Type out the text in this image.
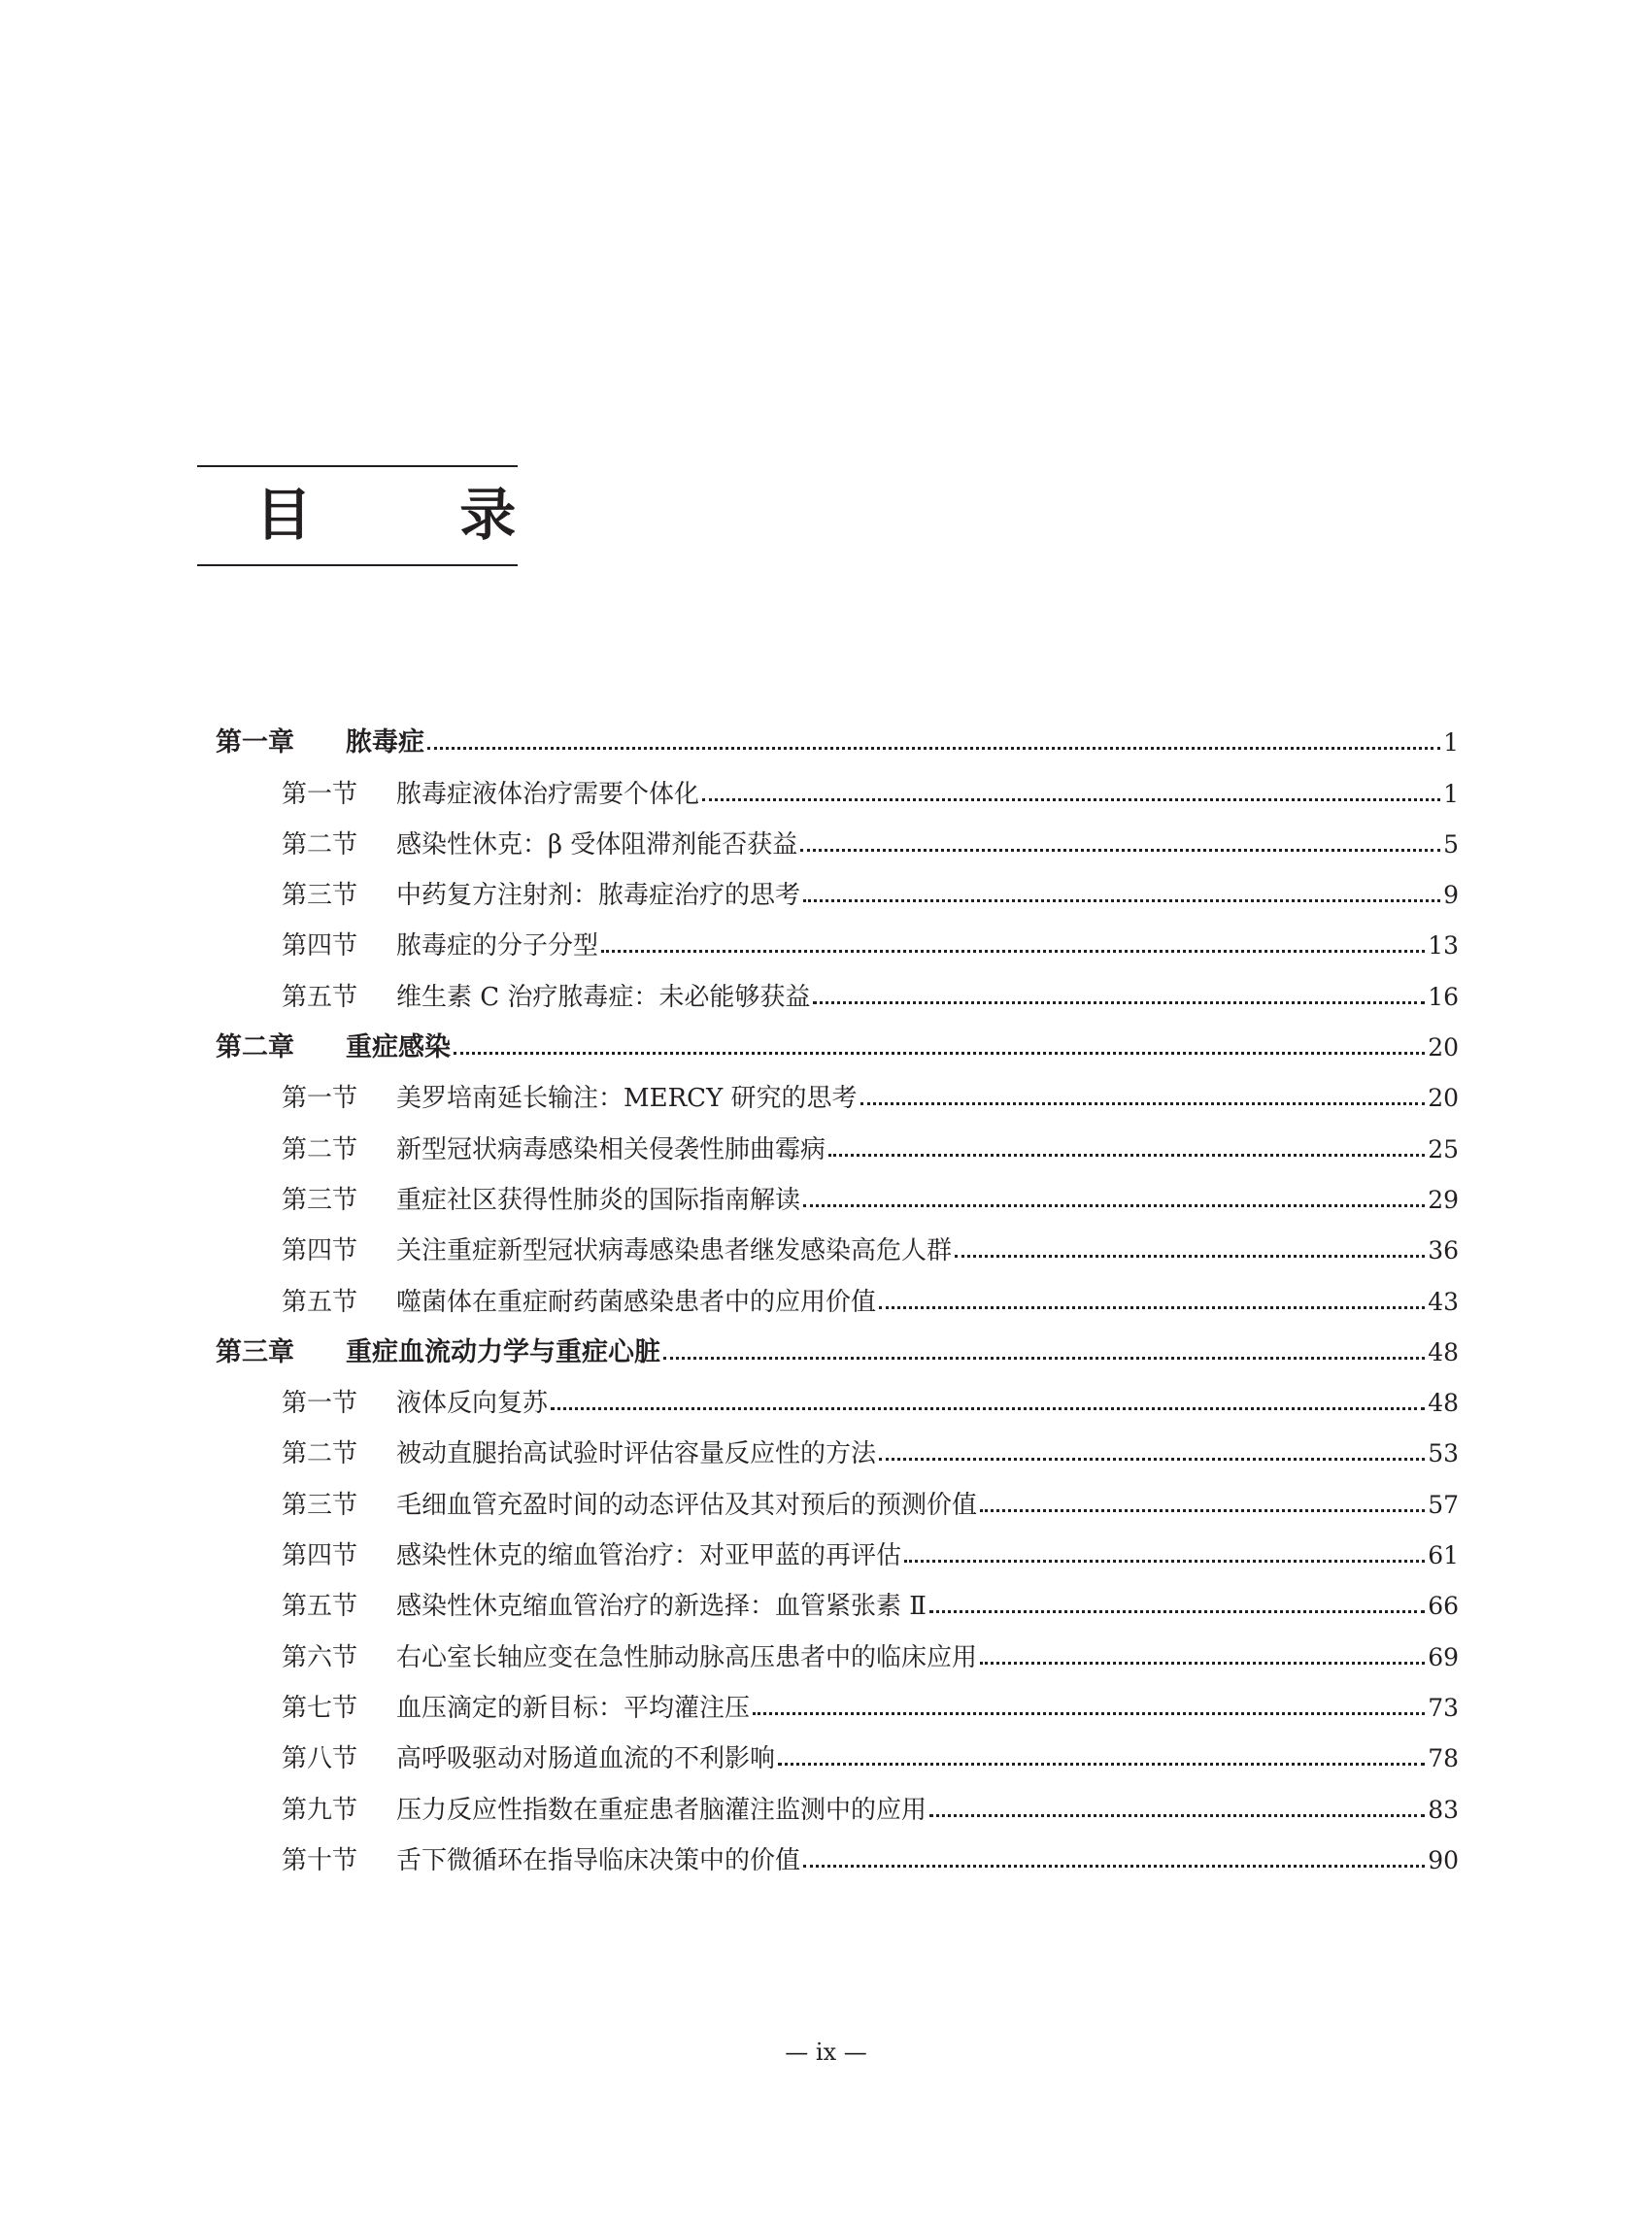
目 录
第一章	脓毒症	1
第一节	脓毒症液体治疗需要个体化	1
第二节	感染性休克：β 受体阻滞剂能否获益	5
第三节	中药复方注射剂：脓毒症治疗的思考	9
第四节	脓毒症的分子分型	13
第五节	维生素 C 治疗脓毒症：未必能够获益	16
第二章	重症感染	20
第一节	美罗培南延长输注：MERCY 研究的思考	20
第二节	新型冠状病毒感染相关侵袭性肺曲霉病	25
第三节	重症社区获得性肺炎的国际指南解读	29
第四节	关注重症新型冠状病毒感染患者继发感染高危人群	36
第五节	噬菌体在重症耐药菌感染患者中的应用价值	43
第三章	重症血流动力学与重症心脏	48
第一节	液体反向复苏	48
第二节	被动直腿抬高试验时评估容量反应性的方法	53
第三节	毛细血管充盈时间的动态评估及其对预后的预测价值	57
第四节	感染性休克的缩血管治疗：对亚甲蓝的再评估	61
第五节	感染性休克缩血管治疗的新选择：血管紧张素 Ⅱ	66
第六节	右心室长轴应变在急性肺动脉高压患者中的临床应用	69
第七节	血压滴定的新目标：平均灌注压	73
第八节	高呼吸驱动对肠道血流的不利影响	78
第九节	压力反应性指数在重症患者脑灌注监测中的应用	83
第十节	舌下微循环在指导临床决策中的价值	90
— ix —
